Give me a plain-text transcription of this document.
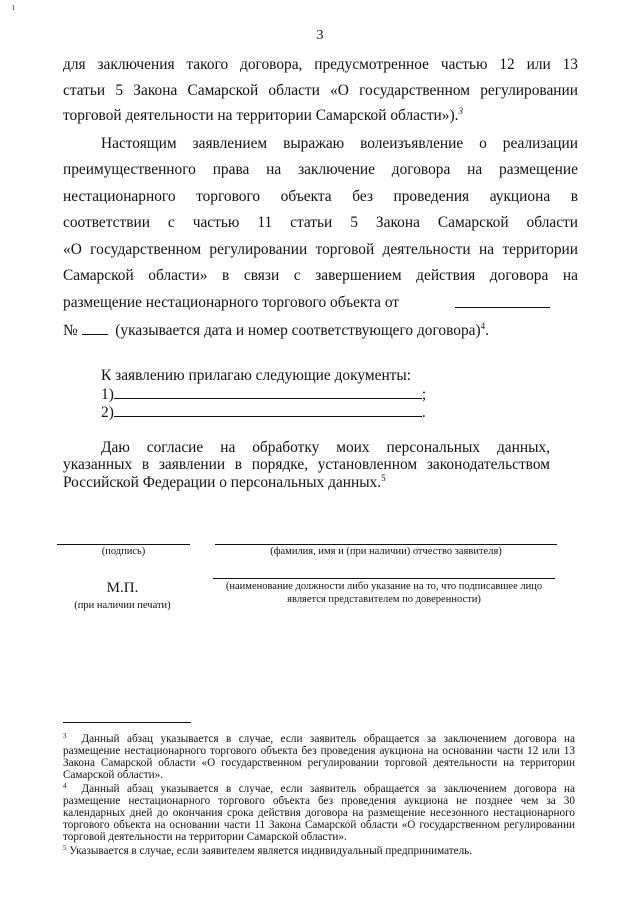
ı
3
для заключения такого договора, предусмотренное частью 12 или 13
статьи 5 Закона Самарской области «О государственном регулировании
торговой деятельности на территории Самарской области»).$^3$
Настоящим заявлением выражаю волеизъявление о реализации
преимущественного права на заключение договора на размещение
нестационарного торгового объекта без проведения аукциона в
соответствии с частью 11 статьи 5 Закона Самарской области
«О государственном регулировании торговой деятельности на территории
Самарской области» в связи с завершением действия договора на
размещение нестационарного торгового объекта от
№ (указывается дата и номер соответствующего договора)$^4$.
К заявлению прилагаю следующие документы:
1)	;
2)	.
Даю согласие на обработку моих персональных данных,
указанных в заявлении в порядке, установленном законодательством
Российской Федерации о персональных данных.$^5$
(подпись)	(фамилия, имя и (при наличии) отчество заявителя)
М.П.
(при наличии печати)
(наименование должности либо указание на то, что подписавшее лицо
является представителем по доверенности)
$^3$ Данный абзац указывается в случае, если заявитель обращается за заключением договора на
размещение нестационарного торгового объекта без проведения аукциона на основании части 12 или 13
Закона Самарской области «О государственном регулировании торговой деятельности на территории
Самарской области».
$^4$ Данный абзац указывается в случае, если заявитель обращается за заключением договора на
размещение нестационарного торгового объекта без проведения аукциона не позднее чем за 30
календарных дней до окончания срока действия договора на размещение несезонного нестационарного
торгового объекта на основании части 11 Закона Самарской области «О государственном регулировании
торговой деятельности на территории Самарской области».
$^5$ Указывается в случае, если заявителем является индивидуальный предприниматель.
